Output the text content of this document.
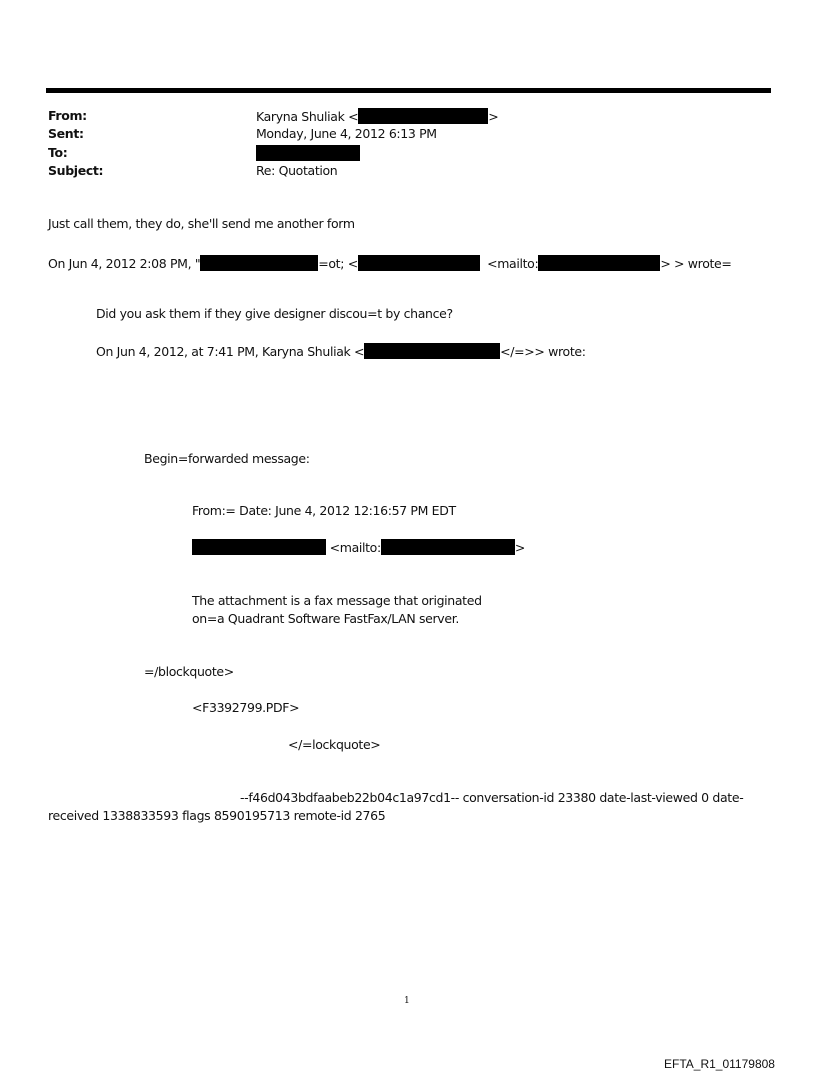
From:	Karyna Shuliak <	>
Sent:	Monday, June 4, 2012 6:13 PM
To:
Subject:	Re: Quotation
Just call them, they do, she'll send me another form
On Jun 4, 2012 2:08 PM, "	=ot; <	<mailto:	> > wrote=
Did you ask them if they give designer discou=t by chance?
On Jun 4, 2012, at 7:41 PM, Karyna Shuliak <	</=>> wrote:
Begin=forwarded message:
From:= Date: June 4, 2012 12:16:57 PM EDT
<mailto:	>
The attachment is a fax message that originated
on=a Quadrant Software FastFax/LAN server.
=/blockquote>
<F3392799.PDF>
</=lockquote>
--f46d043bdfaabeb22b04c1a97cd1-- conversation-id 23380 date-last-viewed 0 date-
received 1338833593 flags 8590195713 remote-id 2765
1
EFTA_R1_01179808
